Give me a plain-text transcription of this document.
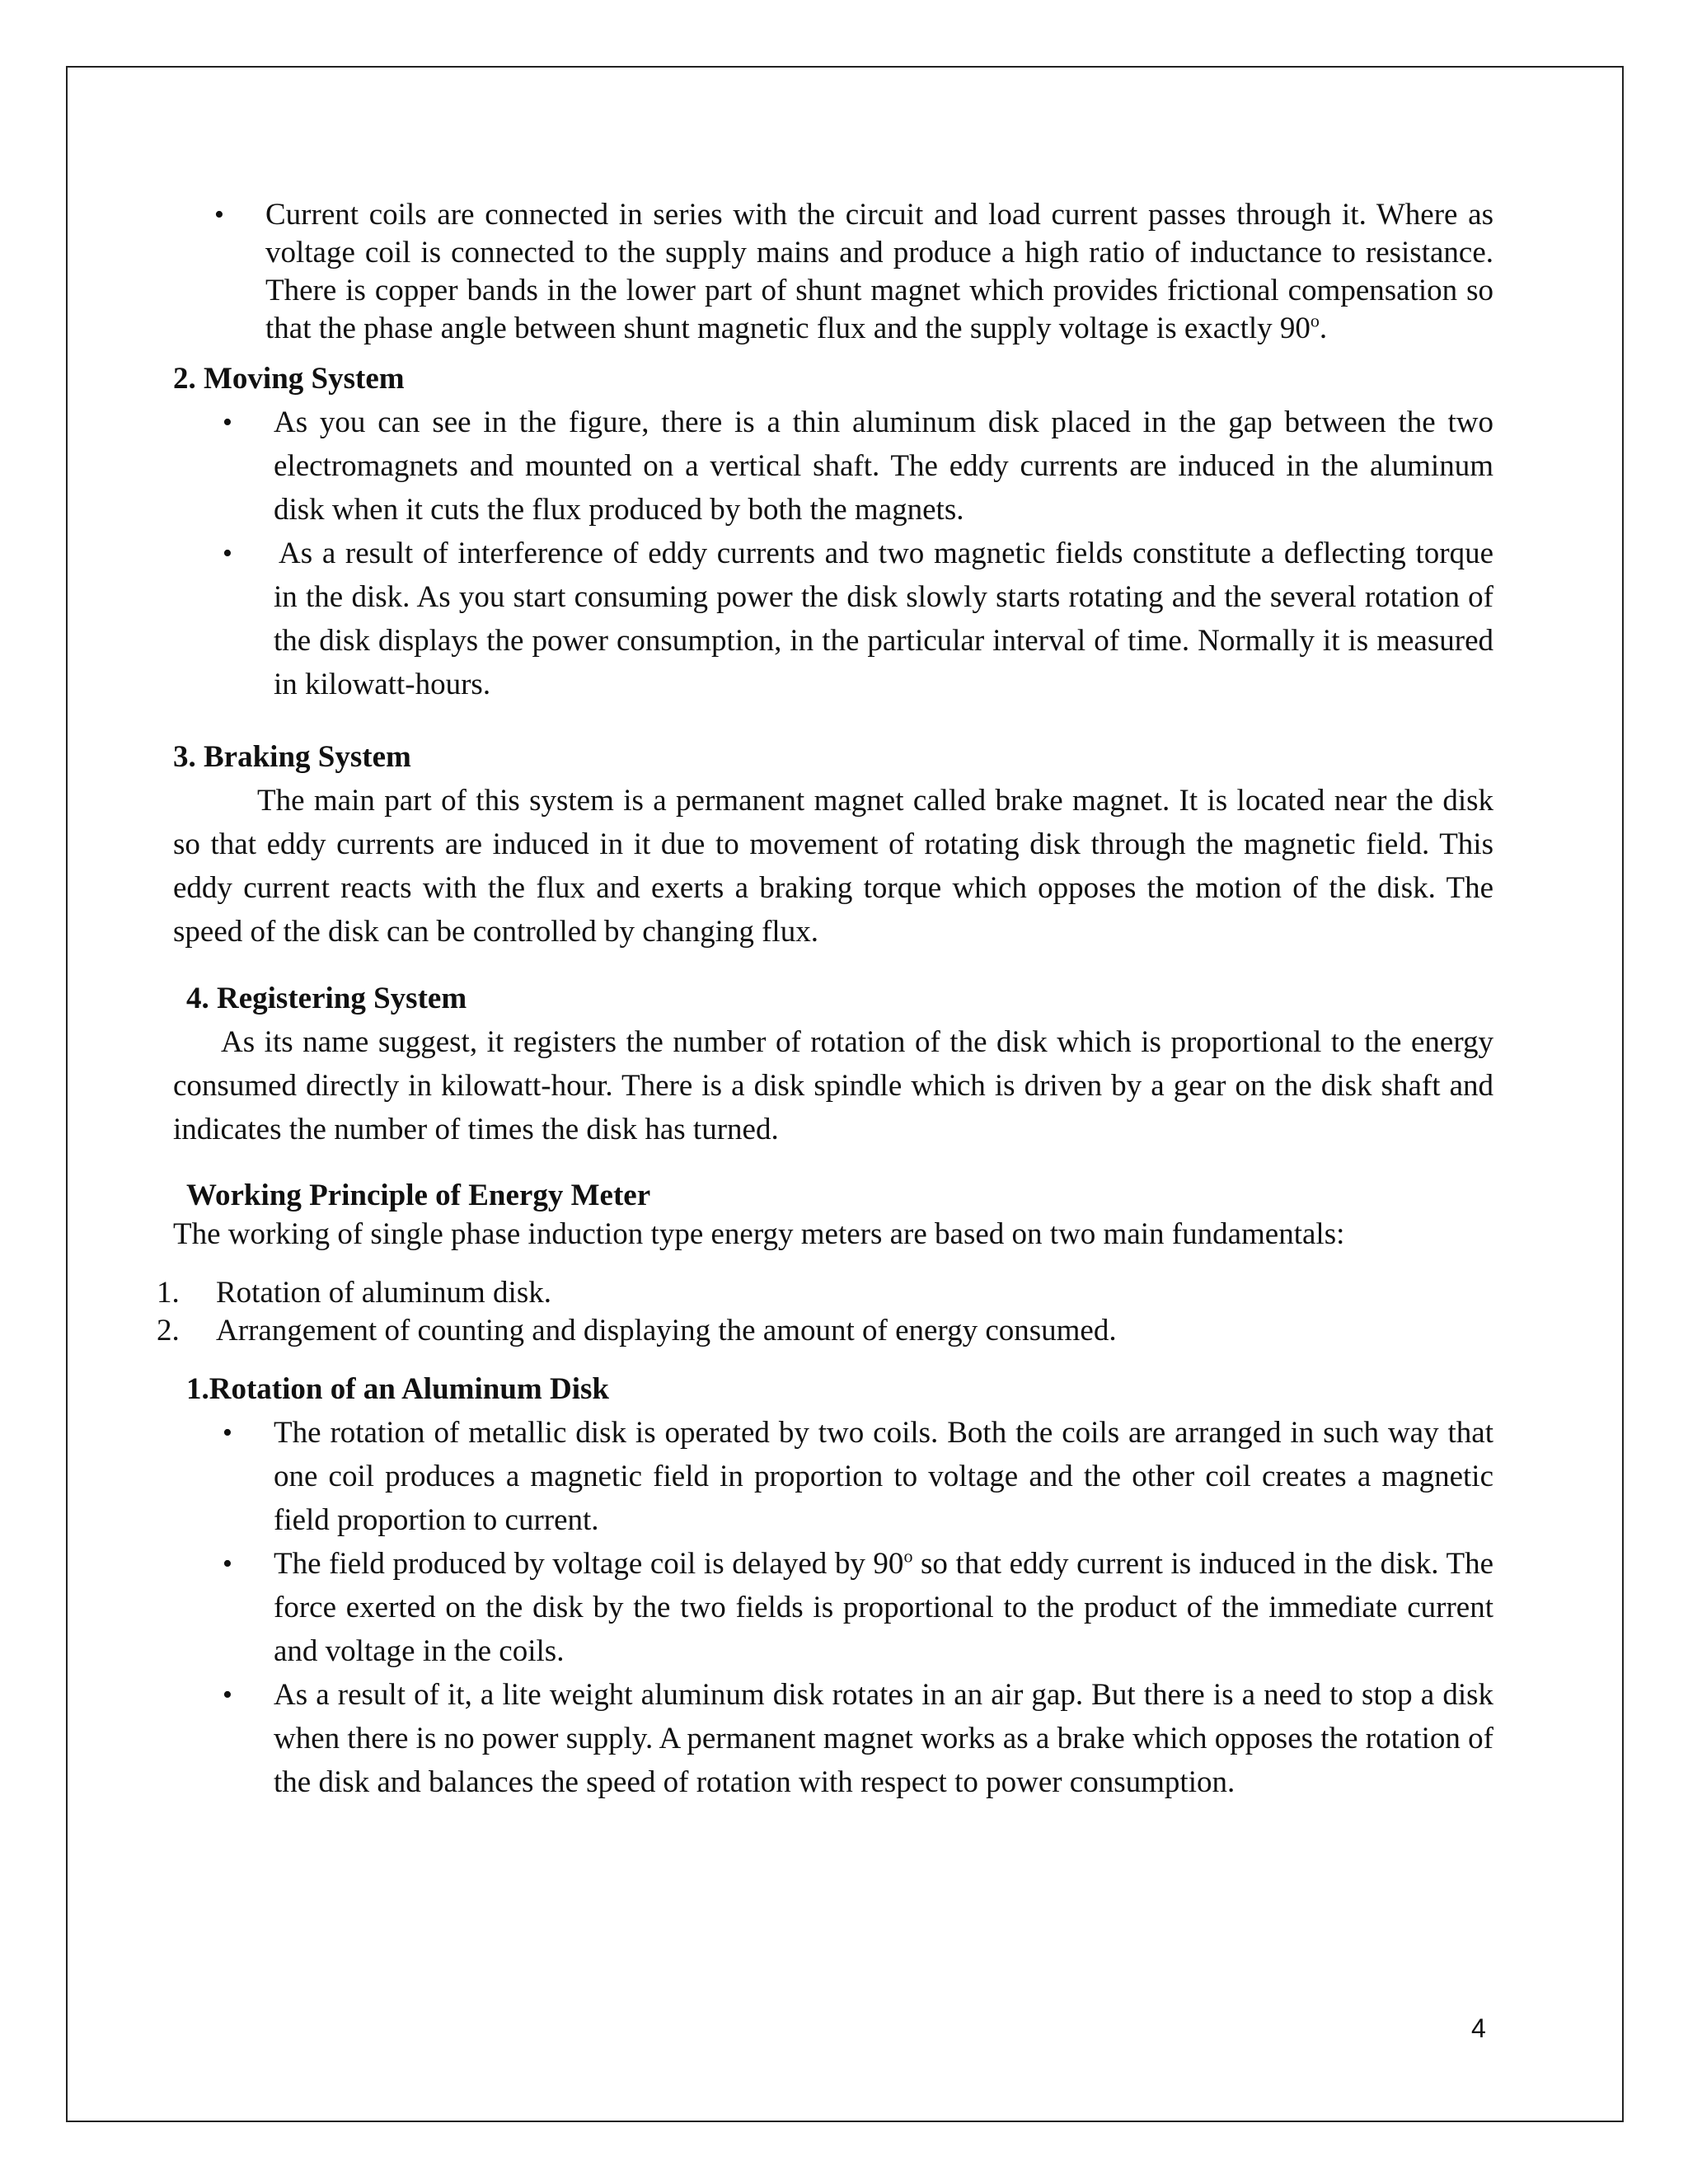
• Current coils are connected in series with the circuit and load current passes through it. Where as voltage coil is connected to the supply mains and produce a high ratio of inductance to resistance. There is copper bands in the lower part of shunt magnet which provides frictional compensation so that the phase angle between shunt magnetic flux and the supply voltage is exactly 90$^o$.
2. Moving System
• As you can see in the figure, there is a thin aluminum disk placed in the gap between the two electromagnets and mounted on a vertical shaft. The eddy currents are induced in the aluminum disk when it cuts the flux produced by both the magnets.
• As a result of interference of eddy currents and two magnetic fields constitute a deflecting torque in the disk. As you start consuming power the disk slowly starts rotating and the several rotation of the disk displays the power consumption, in the particular interval of time. Normally it is measured in kilowatt-hours.
3. Braking System

The main part of this system is a permanent magnet called brake magnet. It is located near the disk so that eddy currents are induced in it due to movement of rotating disk through the magnetic field. This eddy current reacts with the flux and exerts a braking torque which opposes the motion of the disk. The speed of the disk can be controlled by changing flux.

4. Registering System

As its name suggest, it registers the number of rotation of the disk which is proportional to the energy consumed directly in kilowatt-hour. There is a disk spindle which is driven by a gear on the disk shaft and indicates the number of times the disk has turned.

Working Principle of Energy Meter

The working of single phase induction type energy meters are based on two main fundamentals:

1. Rotation of aluminum disk.
2. Arrangement of counting and displaying the amount of energy consumed.
1.Rotation of an Aluminum Disk
• The rotation of metallic disk is operated by two coils. Both the coils are arranged in such way that one coil produces a magnetic field in proportion to voltage and the other coil creates a magnetic field proportion to current.
• The field produced by voltage coil is delayed by 90$^o$ so that eddy current is induced in the disk. The force exerted on the disk by the two fields is proportional to the product of the immediate current and voltage in the coils.
• As a result of it, a lite weight aluminum disk rotates in an air gap. But there is a need to stop a disk when there is no power supply. A permanent magnet works as a brake which opposes the rotation of the disk and balances the speed of rotation with respect to power consumption.
4
